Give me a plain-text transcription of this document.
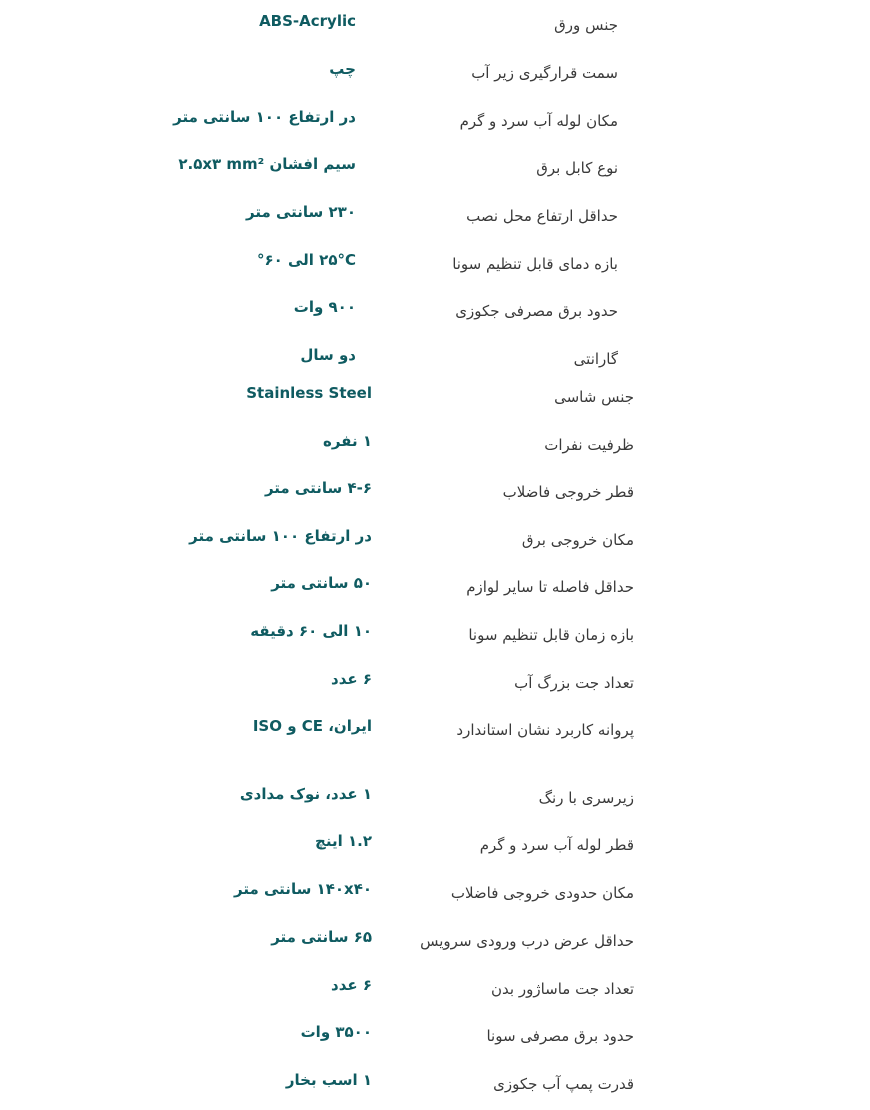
جنس ورق
ABS-Acrylic
سمت قرارگیری زیر آب
چپ
مکان لوله آب سرد و گرم
در ارتفاع ۱۰۰ سانتی متر
نوع کابل برق
سیم افشان ۲.۵x۳ mm²
حداقل ارتفاع محل نصب
۲۳۰ سانتی متر
بازه دمای قابل تنظیم سونا
۲۵°C الی ۶۰°
حدود برق مصرفی جکوزی
۹۰۰ وات
گارانتی
دو سال
جنس شاسی
Stainless Steel
ظرفیت نفرات
۱ نفره
قطر خروجی فاضلاب
۴-۶ سانتی متر
مکان خروجی برق
در ارتفاع ۱۰۰ سانتی متر
حداقل فاصله تا سایر لوازم
۵۰ سانتی متر
بازه زمان قابل تنظیم سونا
۱۰ الی ۶۰ دقیقه
تعداد جت بزرگ آب
۶ عدد
پروانه کاربرد نشان استاندارد
ایران، CE و ISO
زیرسری با رنگ
۱ عدد، نوک مدادی
قطر لوله آب سرد و گرم
۱.۲ اینچ
مکان حدودی خروجی فاضلاب
۱۴۰x۴۰ سانتی متر
حداقل عرض درب ورودی سرویس
۶۵ سانتی متر
تعداد جت ماساژور بدن
۶ عدد
حدود برق مصرفی سونا
۳۵۰۰ وات
قدرت پمپ آب جکوزی
۱ اسب بخار
